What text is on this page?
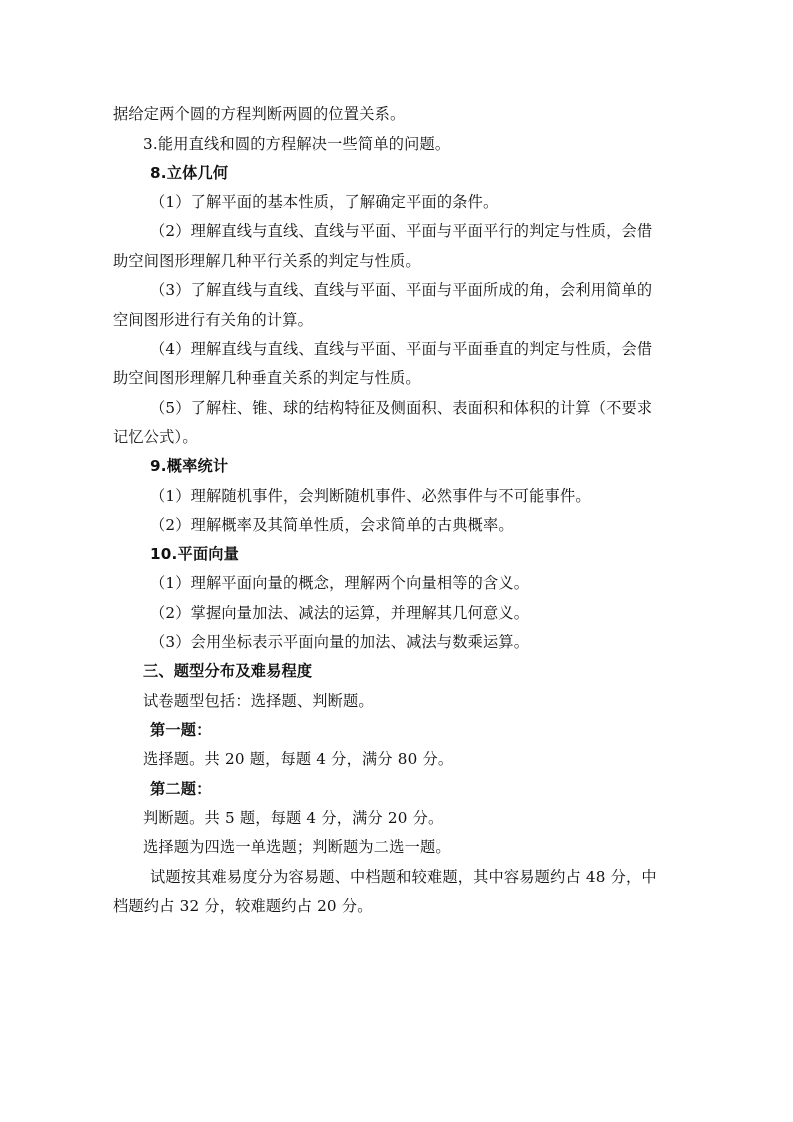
据给定两个圆的方程判断两圆的位置关系。
3.能用直线和圆的方程解决一些简单的问题。
8.立体几何
（1）了解平面的基本性质，了解确定平面的条件。
（2）理解直线与直线、直线与平面、平面与平面平行的判定与性质，会借
助空间图形理解几种平行关系的判定与性质。
（3）了解直线与直线、直线与平面、平面与平面所成的角，会利用简单的
空间图形进行有关角的计算。
（4）理解直线与直线、直线与平面、平面与平面垂直的判定与性质，会借
助空间图形理解几种垂直关系的判定与性质。
（5）了解柱、锥、球的结构特征及侧面积、表面积和体积的计算（不要求
记忆公式）。
9.概率统计
（1）理解随机事件，会判断随机事件、必然事件与不可能事件。
（2）理解概率及其简单性质，会求简单的古典概率。
10.平面向量
（1）理解平面向量的概念，理解两个向量相等的含义。
（2）掌握向量加法、减法的运算，并理解其几何意义。
（3）会用坐标表示平面向量的加法、减法与数乘运算。
三、题型分布及难易程度
试卷题型包括：选择题、判断题。
第一题：
选择题。共 20 题，每题 4 分，满分 80 分。
第二题：
判断题。共 5 题，每题 4 分，满分 20 分。
选择题为四选一单选题；判断题为二选一题。
试题按其难易度分为容易题、中档题和较难题，其中容易题约占 48 分，中
档题约占 32 分，较难题约占 20 分。
